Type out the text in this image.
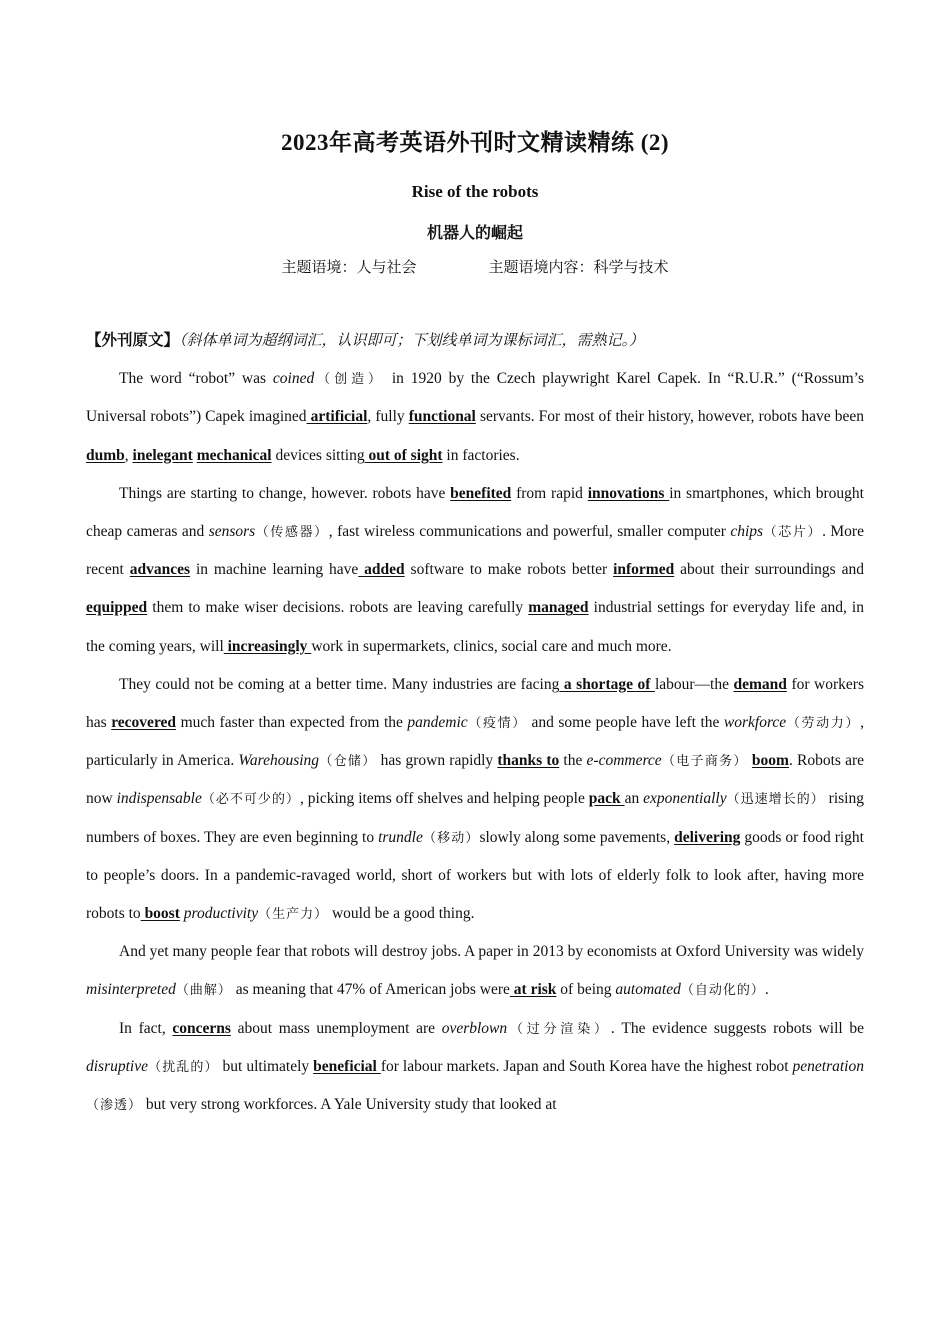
2023年高考英语外刊时文精读精练 (2)
Rise of the robots
机器人的崛起
主题语境：人与社会	主题语境内容：科学与技术

【外刊原文】（斜体单词为超纲词汇，认识即可；下划线单词为课标词汇，需熟记。）

The word “robot” was coined（创造） in 1920 by the Czech playwright Karel Capek. In “R.U.R.” (“Rossum’s Universal robots”) Capek imagined artificial, fully functional servants. For most of their history, however, robots have been dumb, inelegant mechanical devices sitting out of sight in factories.

Things are starting to change, however. robots have benefited from rapid innovations in smartphones, which brought cheap cameras and sensors（传感器）, fast wireless communications and powerful, smaller computer chips（芯片）. More recent advances in machine learning have added software to make robots better informed about their surroundings and equipped them to make wiser decisions. robots are leaving carefully managed industrial settings for everyday life and, in the coming years, will increasingly work in supermarkets, clinics, social care and much more.

They could not be coming at a better time. Many industries are facing a shortage of labour—the demand for workers has recovered much faster than expected from the pandemic（疫情） and some people have left the workforce（劳动力）, particularly in America. Warehousing（仓储） has grown rapidly thanks to the e-commerce（电子商务） boom. Robots are now indispensable（必不可少的）, picking items off shelves and helping people pack an exponentially（迅速增长的） rising numbers of boxes. They are even beginning to trundle（移动）slowly along some pavements, delivering goods or food right to people’s doors. In a pandemic-ravaged world, short of workers but with lots of elderly folk to look after, having more robots to boost productivity（生产力） would be a good thing.

And yet many people fear that robots will destroy jobs. A paper in 2013 by economists at Oxford University was widely misinterpreted（曲解） as meaning that 47% of American jobs were at risk of being automated（自动化的）.

In fact, concerns about mass unemployment are overblown（过分渲染）. The evidence suggests robots will be disruptive（扰乱的） but ultimately beneficial for labour markets. Japan and South Korea have the highest robot penetration（渗透） but very strong workforces. A Yale University study that looked at
